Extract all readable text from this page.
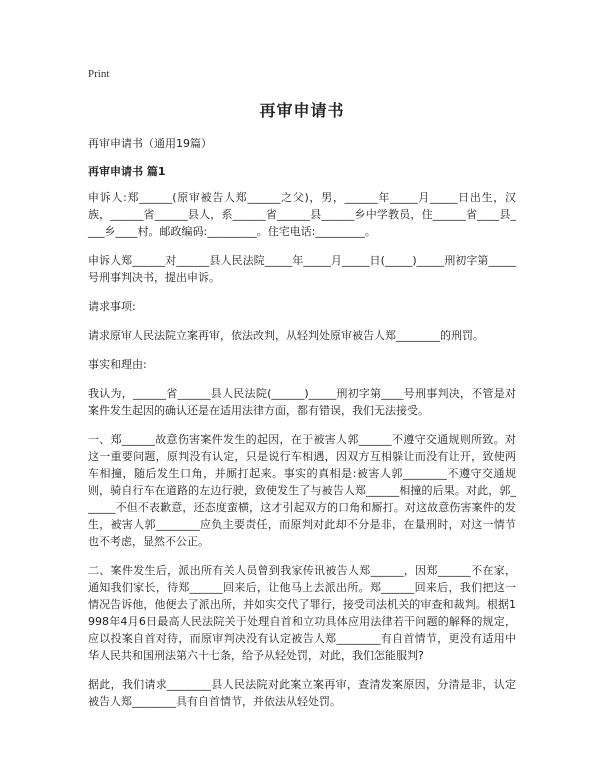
Print
再审申请书
再审申请书（通用19篇）
再审申请书 篇1

申诉人:郑______(原审被告人郑______之父)，男，______年_____月_____日出生，汉族，______省______县人，系______省______县______乡中学教员，住______省____县____乡____村。邮政编码:_________。住宅电话:_________。

申诉人郑______对______县人民法院_____年_____月_____日(_____)_____刑初字第_____号刑事判决书，提出申诉。

请求事项:

请求原审人民法院立案再审，依法改判，从轻判处原审被告人郑________的刑罚。

事实和理由:

我认为，______省______县人民法院(______)_____刑初字第____号刑事判决，不管是对案件发生起因的确认还是在适用法律方面，都有错误，我们无法接受。

一、郑______故意伤害案件发生的起因，在于被害人郭______不遵守交通规则所致。对这一重要问题，原判没有认定，只是说行车相遇，因双方互相躲让而没有让开，致使两车相撞，随后发生口角，并厮打起来。事实的真相是:被害人郭________不遵守交通规则，骑自行车在道路的左边行驶，致使发生了与被告人郑______相撞的后果。对此，郭______不但不表歉意，还态度蛮横，这才引起双方的口角和厮打。对这故意伤害案件的发生，被害人郭________应负主要责任，而原判对此却不分是非，在量刑时，对这一情节也不考虑，显然不公正。

二、案件发生后，派出所有关人员曾到我家传讯被告人郑______，因郑______不在家，通知我们家长，待郑______回来后，让他马上去派出所。郑______回来后，我们把这一情况告诉他，他便去了派出所，并如实交代了罪行，接受司法机关的审查和裁判。根据1998年4月6日最高人民法院关于处理自首和立功具体应用法律若干问题的解释的规定，应以投案自首对待，而原审判决没有认定被告人郑________有自首情节，更没有适用中华人民共和国刑法第六十七条，给予从轻处罚，对此，我们怎能服判?

据此，我们请求________县人民法院对此案立案再审，查清发案原因，分清是非，认定被告人郑________具有自首情节，并依法从轻处罚。
